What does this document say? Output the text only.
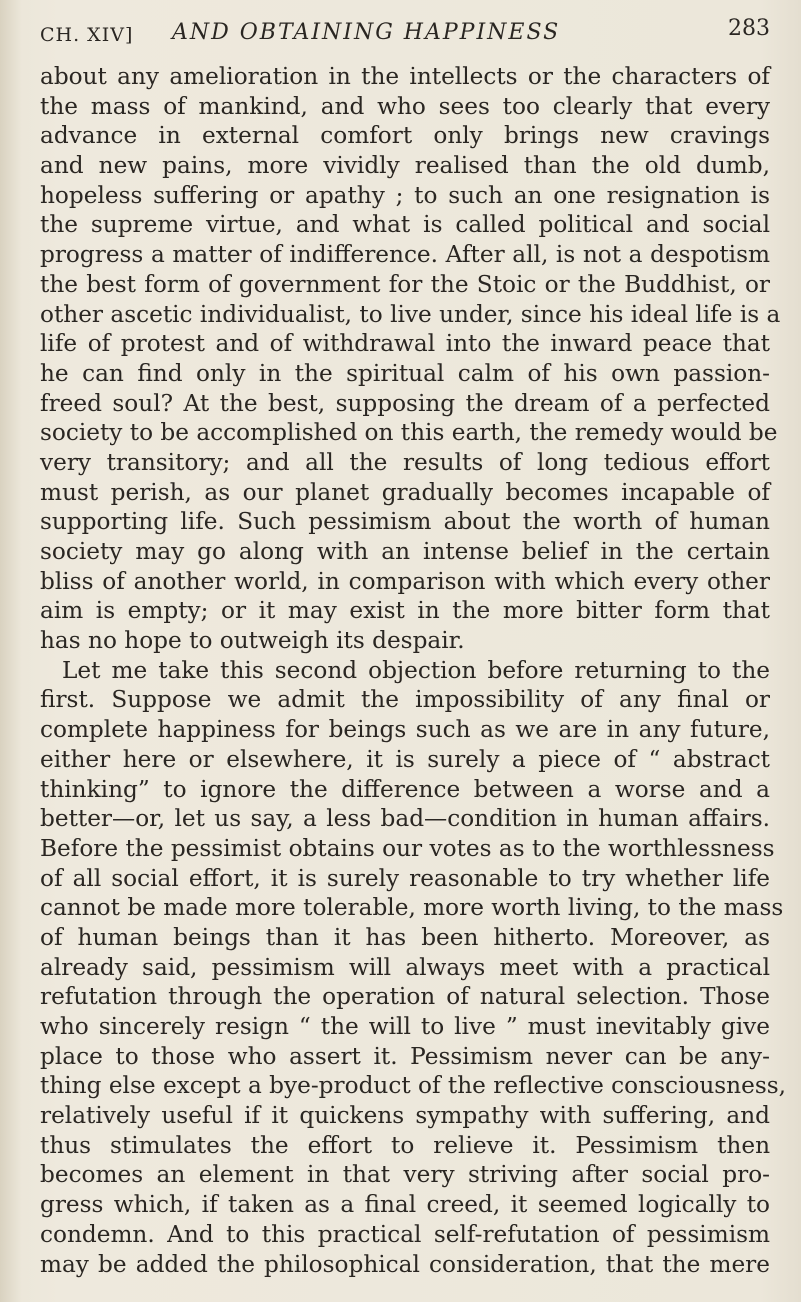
CH. XIV] AND OBTAINING HAPPINESS	283
about any amelioration in the intellects or the characters of
the mass of mankind, and who sees too clearly that every
advance in external comfort only brings new cravings
and new pains, more vividly realised than the old dumb,
hopeless suffering or apathy ; to such an one resignation is
the supreme virtue, and what is called political and social
progress a matter of indifference. After all, is not a despotism
the best form of government for the Stoic or the Buddhist, or
other ascetic individualist, to live under, since his ideal life is a
life of protest and of withdrawal into the inward peace that
he can find only in the spiritual calm of his own passion-
freed soul? At the best, supposing the dream of a perfected
society to be accomplished on this earth, the remedy would be
very transitory; and all the results of long tedious effort
must perish, as our planet gradually becomes incapable of
supporting life. Such pessimism about the worth of human
society may go along with an intense belief in the certain
bliss of another world, in comparison with which every other
aim is empty; or it may exist in the more bitter form that
has no hope to outweigh its despair.
Let me take this second objection before returning to the
first. Suppose we admit the impossibility of any final or
complete happiness for beings such as we are in any future,
either here or elsewhere, it is surely a piece of “ abstract
thinking” to ignore the difference between a worse and a
better—or, let us say, a less bad—condition in human affairs.
Before the pessimist obtains our votes as to the worthlessness
of all social effort, it is surely reasonable to try whether life
cannot be made more tolerable, more worth living, to the mass
of human beings than it has been hitherto. Moreover, as
already said, pessimism will always meet with a practical
refutation through the operation of natural selection. Those
who sincerely resign “ the will to live ” must inevitably give
place to those who assert it. Pessimism never can be any-
thing else except a bye-product of the reflective consciousness,
relatively useful if it quickens sympathy with suffering, and
thus stimulates the effort to relieve it. Pessimism then
becomes an element in that very striving after social pro-
gress which, if taken as a final creed, it seemed logically to
condemn. And to this practical self-refutation of pessimism
may be added the philosophical consideration, that the mere
